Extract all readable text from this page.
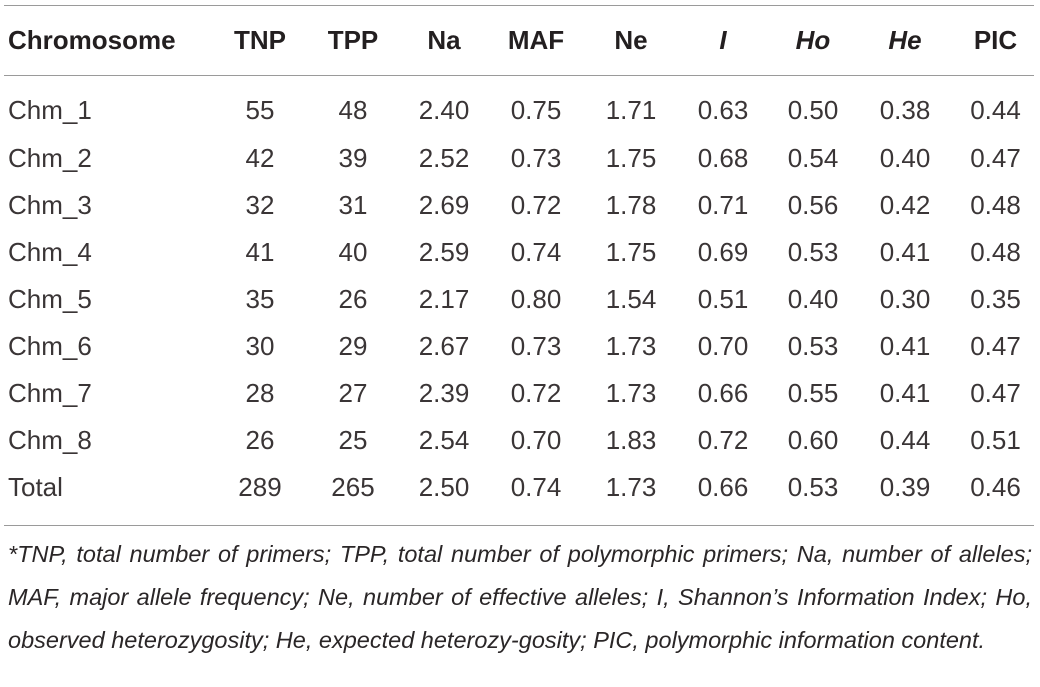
Chromosome	TNP	TPP	Na	MAF	Ne	I	Ho	He	PIC
Chm_1	55	48	2.40	0.75	1.71	0.63	0.50	0.38	0.44
Chm_2	42	39	2.52	0.73	1.75	0.68	0.54	0.40	0.47
Chm_3	32	31	2.69	0.72	1.78	0.71	0.56	0.42	0.48
Chm_4	41	40	2.59	0.74	1.75	0.69	0.53	0.41	0.48
Chm_5	35	26	2.17	0.80	1.54	0.51	0.40	0.30	0.35
Chm_6	30	29	2.67	0.73	1.73	0.70	0.53	0.41	0.47
Chm_7	28	27	2.39	0.72	1.73	0.66	0.55	0.41	0.47
Chm_8	26	25	2.54	0.70	1.83	0.72	0.60	0.44	0.51
Total	289	265	2.50	0.74	1.73	0.66	0.53	0.39	0.46
*TNP, total number of primers; TPP, total number of polymorphic primers; Na, number of alleles; MAF, major allele frequency; Ne, number of effective alleles; I, Shannon’s Information Index; Ho, observed heterozygosity; He, expected heterozy-gosity; PIC, polymorphic information content.
